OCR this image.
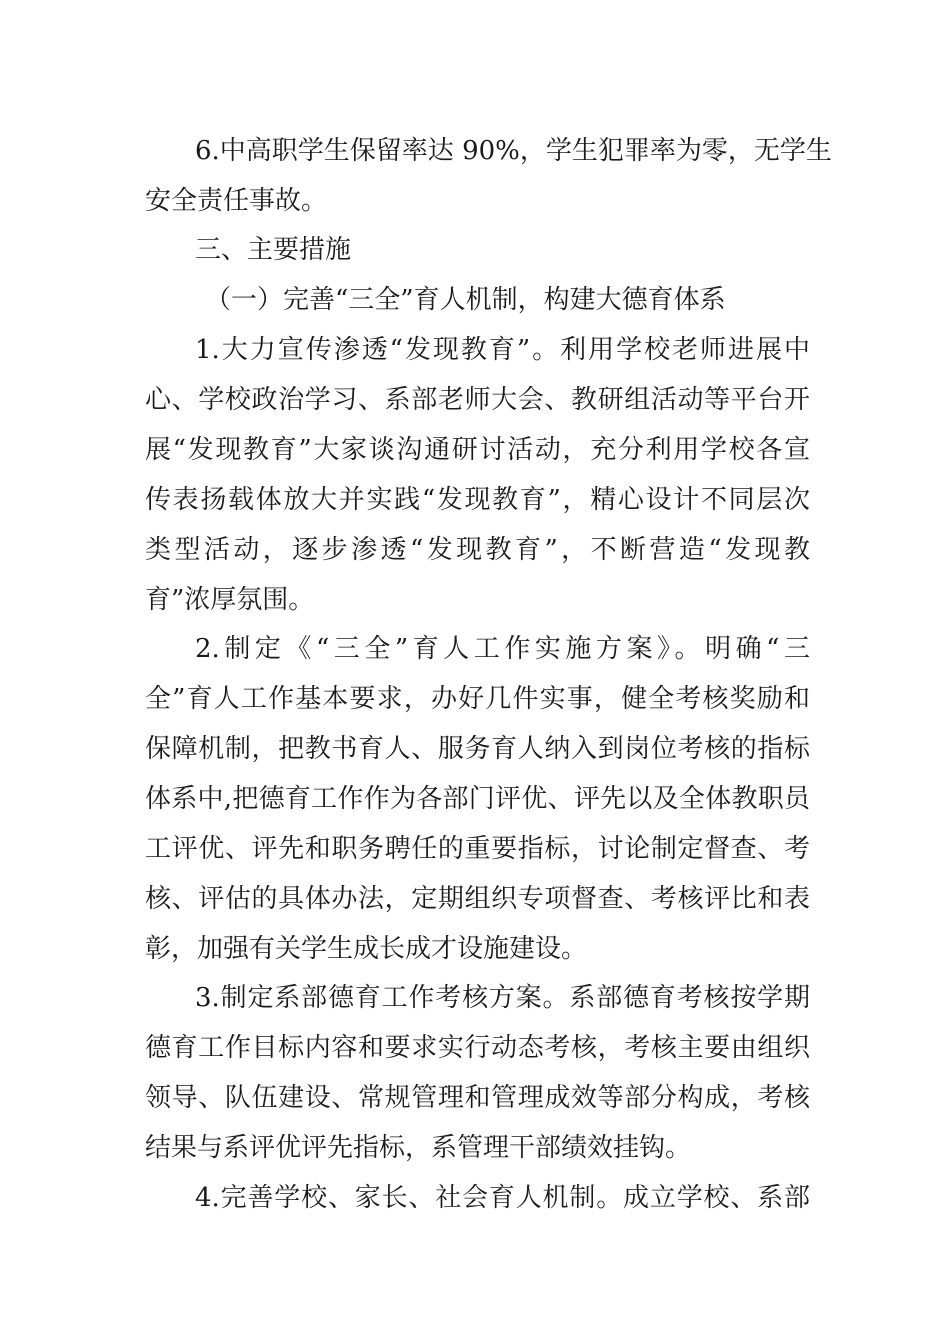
6.中高职学生保留率达 90%，学生犯罪率为零，无学生
安全责任事故。
三、主要措施
（一）完善“三全”育人机制，构建大德育体系
1.大力宣传渗透“发现教育”。利用学校老师进展中
心、学校政治学习、系部老师大会、教研组活动等平台开
展“发现教育”大家谈沟通研讨活动，充分利用学校各宣
传表扬载体放大并实践“发现教育”，精心设计不同层次
类型活动，逐步渗透“发现教育”，不断营造“发现教
育”浓厚氛围。
2.制定《“三全”育人工作实施方案》。明确“三
全”育人工作基本要求，办好几件实事，健全考核奖励和
保障机制，把教书育人、服务育人纳入到岗位考核的指标
体系中,把德育工作作为各部门评优、评先以及全体教职员
工评优、评先和职务聘任的重要指标，讨论制定督查、考
核、评估的具体办法，定期组织专项督查、考核评比和表
彰，加强有关学生成长成才设施建设。
3.制定系部德育工作考核方案。系部德育考核按学期
德育工作目标内容和要求实行动态考核，考核主要由组织
领导、队伍建设、常规管理和管理成效等部分构成，考核
结果与系评优评先指标，系管理干部绩效挂钩。
4.完善学校、家长、社会育人机制。成立学校、系部
